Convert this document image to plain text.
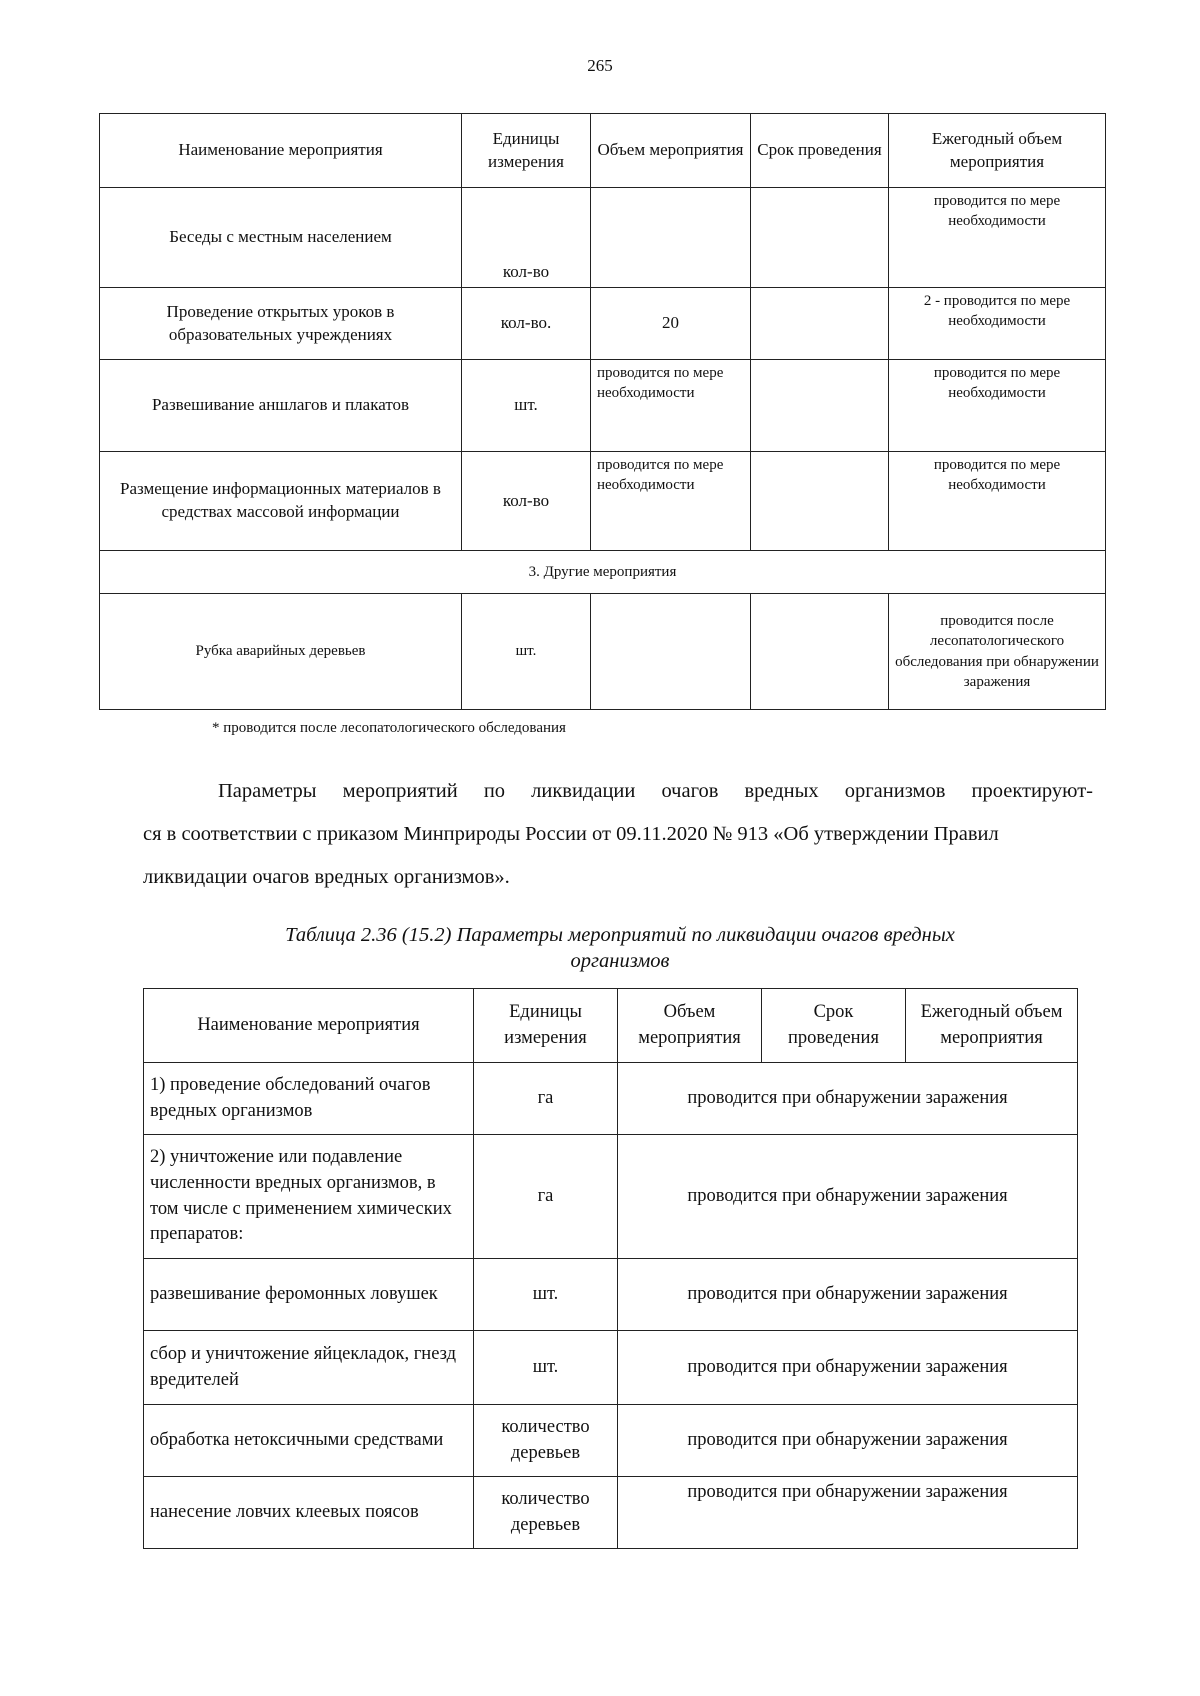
265
Наименование мероприятия	Единицы измерения	Объем мероприятия	Срок проведения	Ежегодный объем мероприятия
Беседы с местным населением	кол-во			проводится по мере необходимости
Проведение открытых уроков в образовательных учреждениях	кол-во.	20		2 - проводится по мере необходимости
Развешивание аншлагов и плакатов	шт.	проводится по мере необходимости		проводится по мере необходимости
Размещение информационных материалов в средствах массовой информации	кол-во	проводится по мере необходимости		проводится по мере необходимости
3. Другие мероприятия				
Рубка аварийных деревьев	шт.			проводится после лесопатологического обследования при обнаружении заражения
* проводится после лесопатологического обследования
Параметры мероприятий по ликвидации очагов вредных организмов проектируют-
ся в соответствии с приказом Минприроды России от 09.11.2020 № 913 «Об утверждении Правил ликвидации очагов вредных организмов».
Таблица 2.36 (15.2) Параметры мероприятий по ликвидации очагов вредных организмов
Наименование мероприятия	Единицы измерения	Объем мероприятия	Срок проведения	Ежегодный объем мероприятия
1) проведение обследований очагов вредных организмов	га	проводится при обнаружении заражения		
2) уничтожение или подавление численности вредных организмов, в том числе с применением химических препаратов:	га	проводится при обнаружении заражения		
развешивание феромонных ловушек	шт.	проводится при обнаружении заражения		
сбор и уничтожение яйцекладок, гнезд вредителей	шт.	проводится при обнаружении заражения		
обработка нетоксичными средствами	количество деревьев	проводится при обнаружении заражения		
нанесение ловчих клеевых поясов	количество деревьев	проводится при обнаружении заражения		
